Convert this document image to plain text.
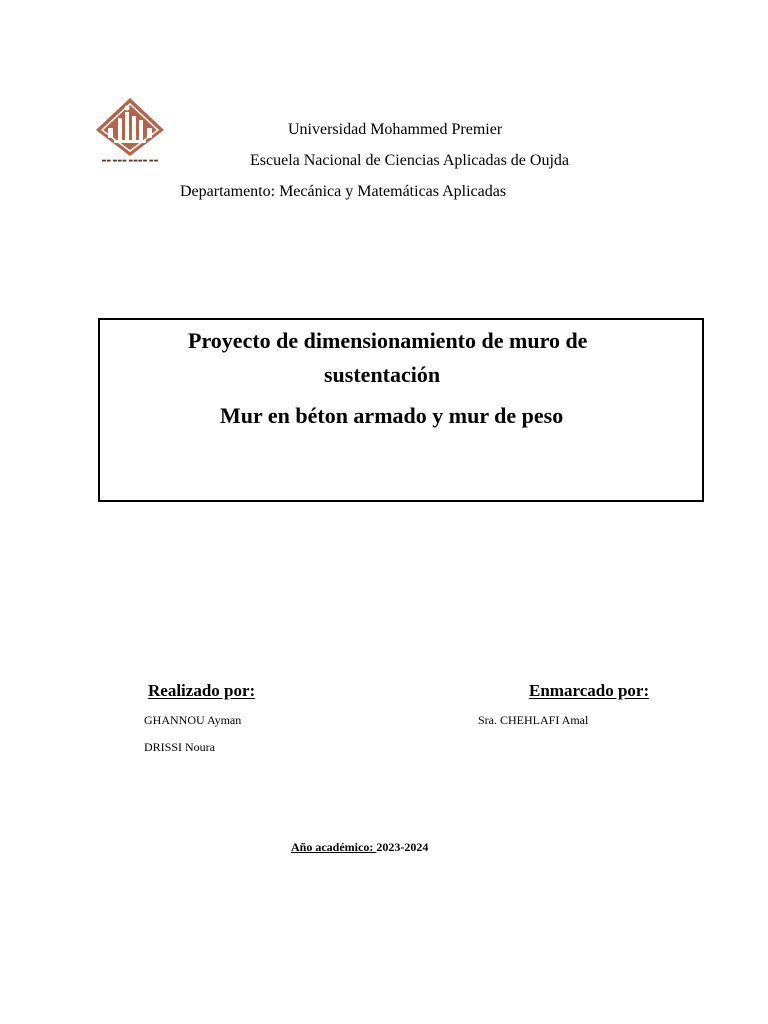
▬▬ ▬▬▬ ▬▬▬▬ ▬▬
Universidad Mohammed Premier
Escuela Nacional de Ciencias Aplicadas de Oujda
Departamento: Mecánica y Matemáticas Aplicadas
Proyecto de dimensionamiento de muro de
sustentación
Mur en béton armado y mur de peso
Realizado por:	Enmarcado por:
GHANNOU Ayman
DRISSI Noura
Sra. CHEHLAFI Amal
Año académico: 2023-2024
